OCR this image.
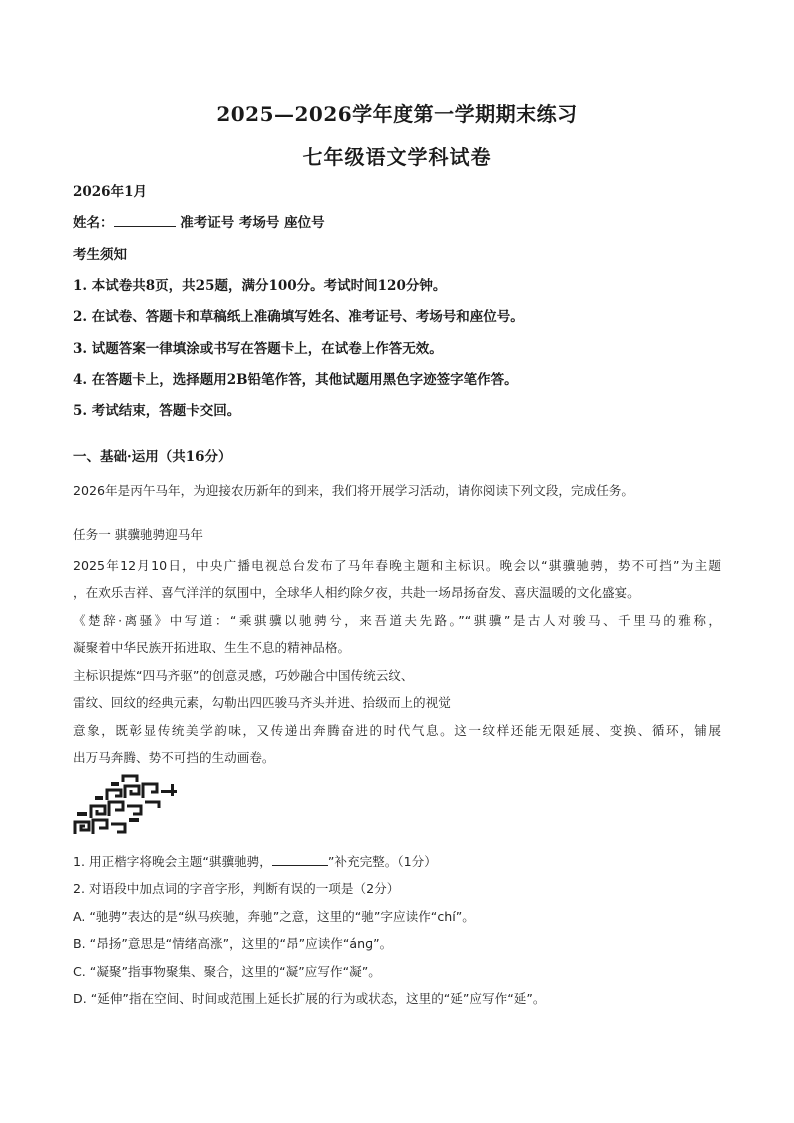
2025—2026学年度第一学期期末练习
七年级语文学科试卷
2026年1月
姓名：	准考证号 考场号 座位号
考生须知
1. 本试卷共8页，共25题，满分100分。考试时间120分钟。
2. 在试卷、答题卡和草稿纸上准确填写姓名、准考证号、考场号和座位号。
3. 试题答案一律填涂或书写在答题卡上，在试卷上作答无效。
4. 在答题卡上，选择题用2B铅笔作答，其他试题用黑色字迹签字笔作答。
5. 考试结束，答题卡交回。
一、基础·运用（共16分）
2026年是丙午马年，为迎接农历新年的到来，我们将开展学习活动，请你阅读下列文段，完成任务。
任务一 骐骥驰骋迎马年
2025年12月10日，中央广播电视总台发布了马年春晚主题和主标识。晚会以“骐骥驰骋，势不可挡”为主题
，在欢乐吉祥、喜气洋洋的氛围中，全球华人相约除夕夜，共赴一场昂扬奋发、喜庆温暖的文化盛宴。
《楚辞·离骚》中写道：“乘骐骥以驰骋兮，来吾道夫先路。”“骐骥”是古人对骏马、千里马的雅称，
凝聚着中华民族开拓进取、生生不息的精神品格。
主标识提炼“四马齐驱”的创意灵感，巧妙融合中国传统云纹、
雷纹、回纹的经典元素，勾勒出四匹骏马齐头并进、拾级而上的视觉
意象，既彰显传统美学韵味，又传递出奔腾奋进的时代气息。这一纹样还能无限延展、变换、循环，铺展
出万马奔腾、势不可挡的生动画卷。
1. 用正楷字将晚会主题“骐骥驰骋，	”补充完整。（1分）
2. 对语段中加点词的字音字形，判断有误的一项是（2分）
A. “驰骋”表达的是“纵马疾驰，奔驰”之意，这里的“驰”字应读作“chí”。
B. “昂扬”意思是“情绪高涨”，这里的“昂”应读作“ánɡ”。
C. “凝聚”指事物聚集、聚合，这里的“凝”应写作“凝”。
D. “延伸”指在空间、时间或范围上延长扩展的行为或状态，这里的“延”应写作“延”。
